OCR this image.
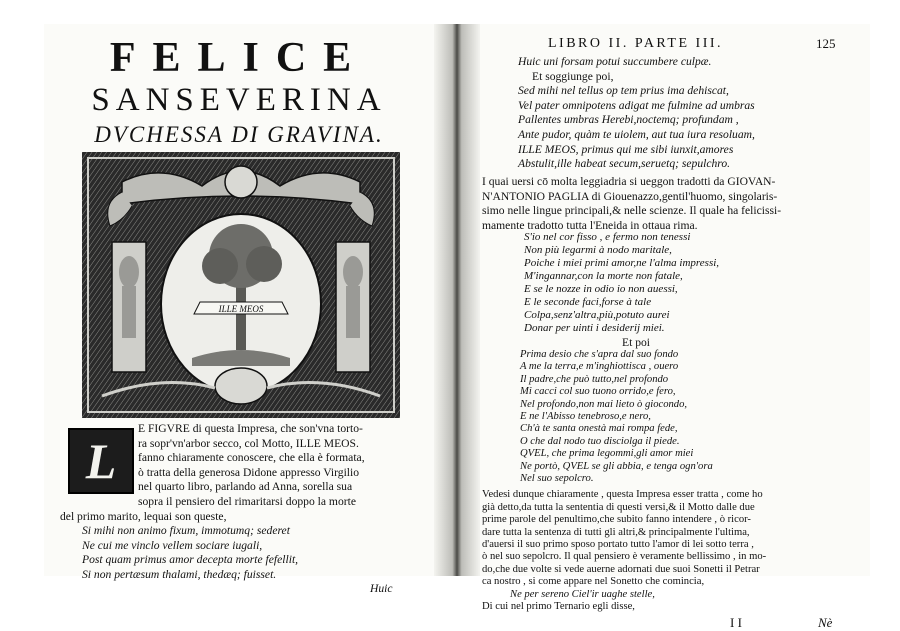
FELICE
SANSEVERINA
DVCHESSA DI GRAVINA.
ILLE MEOS
L
E FIGVRE di questa Impresa, che son'vna torto-
ra sopr'vn'arbor secco, col Motto, ILLE MEOS.
fanno chiaramente conoscere, che ella è formata,
ò tratta della generosa Didone appresso Virgilio
nel quarto libro, parlando ad Anna, sorella sua
sopra il pensiero del rimaritarsi doppo la morte
del primo marito, lequai son queste,
Si mihi non animo fixum, immotumq; sederet
Ne cui me vinclo vellem sociare iugali,
Post quam primus amor decepta morte fefellit,
Si non pertæsum thalami, thedæq; fuisset.
Huic
LIBRO II. PARTE III.	125
Huic uni forsam potui succumbere culpæ.
Et soggiunge poi,
Sed mihi nel tellus op tem prius ima dehiscat,
Vel pater omnipotens adigat me fulmine ad umbras
Pallentes umbras Herebi,noctemq; profundam ,
Ante pudor, quàm te uiolem, aut tua iura resoluam,
ILLE MEOS, primus qui me sibi iunxit,amores
Abstulit,ille habeat secum,seruetq; sepulchro.
I quai uersi cō molta leggiadria si ueggon tradotti da GIOVAN-
N'ANTONIO PAGLIA di Giouenazzo,gentil'huomo, singolaris-
simo nelle lingue principali,& nelle scienze. Il quale ha felicissi-
mamente tradotto tutta l'Eneida in ottaua rima.
S'io nel cor fisso , e fermo non tenessi
Non più legarmi à nodo maritale,
Poiche i miei primi amor,ne l'alma impressi,
M'ingannar,con la morte non fatale,
E se le nozze in odio io non auessi,
E le seconde faci,forse à tale
Colpa,senz'altra,più,potuto aurei
Donar per uinti i desiderij miei.
Et poi
Prima desio che s'apra dal suo fondo
A me la terra,e m'inghiottisca , ouero
Il padre,che può tutto,nel profondo
Mi cacci col suo tuono orrido,e fero,
Nel profondo,non mai lieto ò giocondo,
E ne l'Abisso tenebroso,e nero,
Ch'à te santa onestà mai rompa fede,
O che dal nodo tuo disciolga il piede.
QVEL, che prima legommi,gli amor miei
Ne portò, QVEL se gli abbia, e tenga ogn'ora
Nel suo sepolcro.
Vedesi dunque chiaramente , questa Impresa esser tratta , come ho
già detto,da tutta la sententia di questi versi,& il Motto dalle due
prime parole del penultimo,che subito fanno intendere , ò ricor-
dare tutta la sentenza di tutti gli altri,& principalmente l'ultima,
d'auersi il suo primo sposo portato tutto l'amor di lei sotto terra ,
ò nel suo sepolcro. Il qual pensiero è veramente bellissimo , in mo-
do,che due volte si vede auerne adornati due suoi Sonetti il Petrar
ca nostro , si come appare nel Sonetto che comincia,
Ne per sereno Ciel'ir uaghe stelle,
Di cui nel primo Ternario egli disse,
I I	Nè
